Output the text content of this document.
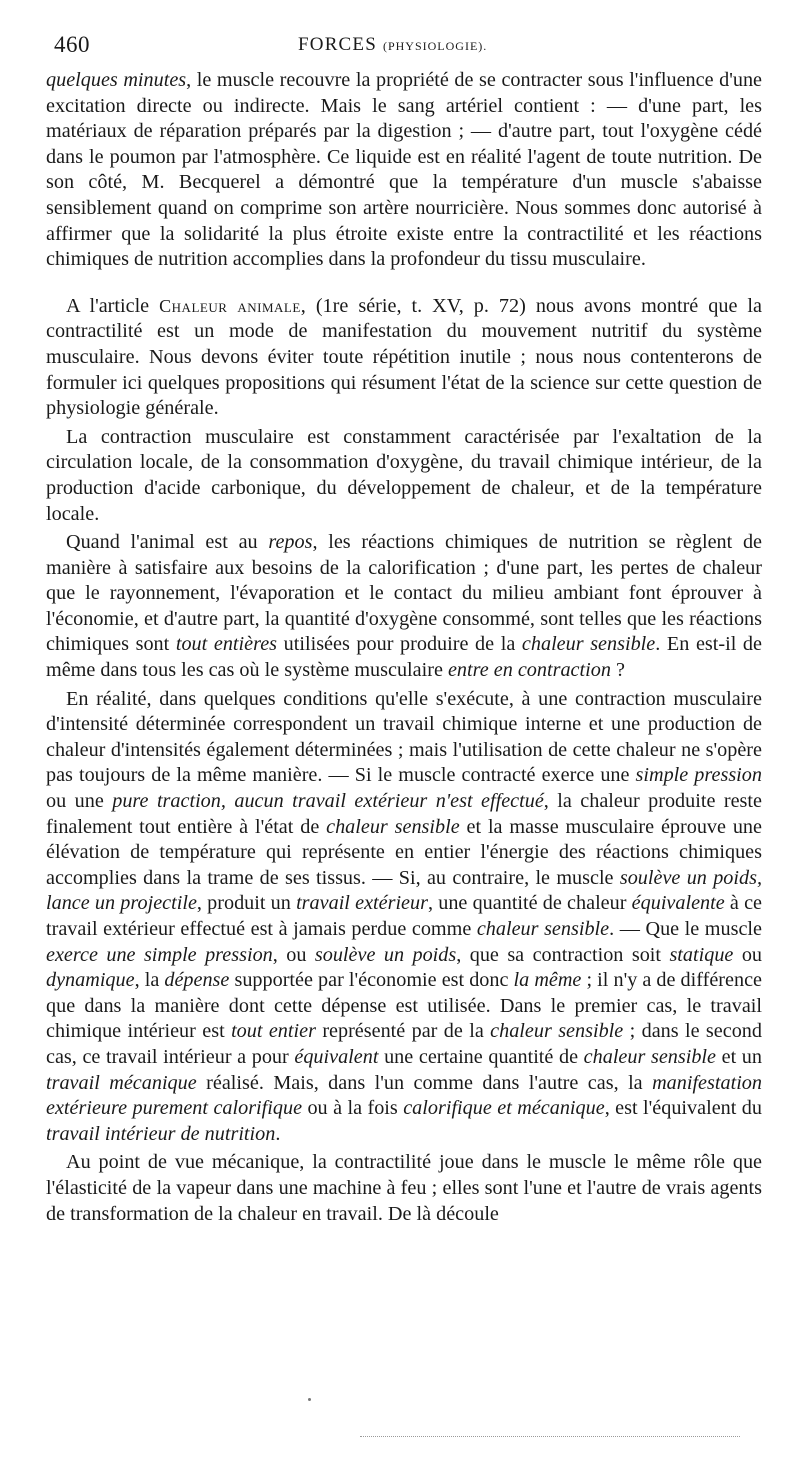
460	FORCES (PHYSIOLOGIE).

quelques minutes, le muscle recouvre la propriété de se contracter sous l'influence d'une excitation directe ou indirecte. Mais le sang artériel contient : — d'une part, les matériaux de réparation préparés par la digestion ; — d'autre part, tout l'oxygène cédé dans le poumon par l'atmosphère. Ce liquide est en réalité l'agent de toute nutrition. De son côté, M. Becquerel a démontré que la température d'un muscle s'abaisse sensiblement quand on comprime son artère nourricière. Nous sommes donc autorisé à affirmer que la solidarité la plus étroite existe entre la contractilité et les réactions chimiques de nutrition accomplies dans la profondeur du tissu musculaire.

A l'article Chaleur animale, (1re série, t. XV, p. 72) nous avons montré que la contractilité est un mode de manifestation du mouvement nutritif du système musculaire. Nous devons éviter toute répétition inutile ; nous nous contenterons de formuler ici quelques propositions qui résument l'état de la science sur cette question de physiologie générale.

La contraction musculaire est constamment caractérisée par l'exaltation de la circulation locale, de la consommation d'oxygène, du travail chimique intérieur, de la production d'acide carbonique, du développement de chaleur, et de la température locale.

Quand l'animal est au repos, les réactions chimiques de nutrition se règlent de manière à satisfaire aux besoins de la calorification ; d'une part, les pertes de chaleur que le rayonnement, l'évaporation et le contact du milieu ambiant font éprouver à l'économie, et d'autre part, la quantité d'oxygène consommé, sont telles que les réactions chimiques sont tout entières utilisées pour produire de la chaleur sensible. En est-il de même dans tous les cas où le système musculaire entre en contraction ?

En réalité, dans quelques conditions qu'elle s'exécute, à une contraction musculaire d'intensité déterminée correspondent un travail chimique interne et une production de chaleur d'intensités également déterminées ; mais l'utilisation de cette chaleur ne s'opère pas toujours de la même manière. — Si le muscle contracté exerce une simple pression ou une pure traction, aucun travail extérieur n'est effectué, la chaleur produite reste finalement tout entière à l'état de chaleur sensible et la masse musculaire éprouve une élévation de température qui représente en entier l'énergie des réactions chimiques accomplies dans la trame de ses tissus. — Si, au contraire, le muscle soulève un poids, lance un projectile, produit un travail extérieur, une quantité de chaleur équivalente à ce travail extérieur effectué est à jamais perdue comme chaleur sensible. — Que le muscle exerce une simple pression, ou soulève un poids, que sa contraction soit statique ou dynamique, la dépense supportée par l'économie est donc la même ; il n'y a de différence que dans la manière dont cette dépense est utilisée. Dans le premier cas, le travail chimique intérieur est tout entier représenté par de la chaleur sensible ; dans le second cas, ce travail intérieur a pour équivalent une certaine quantité de chaleur sensible et un travail mécanique réalisé. Mais, dans l'un comme dans l'autre cas, la manifestation extérieure purement calorifique ou à la fois calorifique et mécanique, est l'équivalent du travail intérieur de nutrition.

Au point de vue mécanique, la contractilité joue dans le muscle le même rôle que l'élasticité de la vapeur dans une machine à feu ; elles sont l'une et l'autre de vrais agents de transformation de la chaleur en travail. De là découle
